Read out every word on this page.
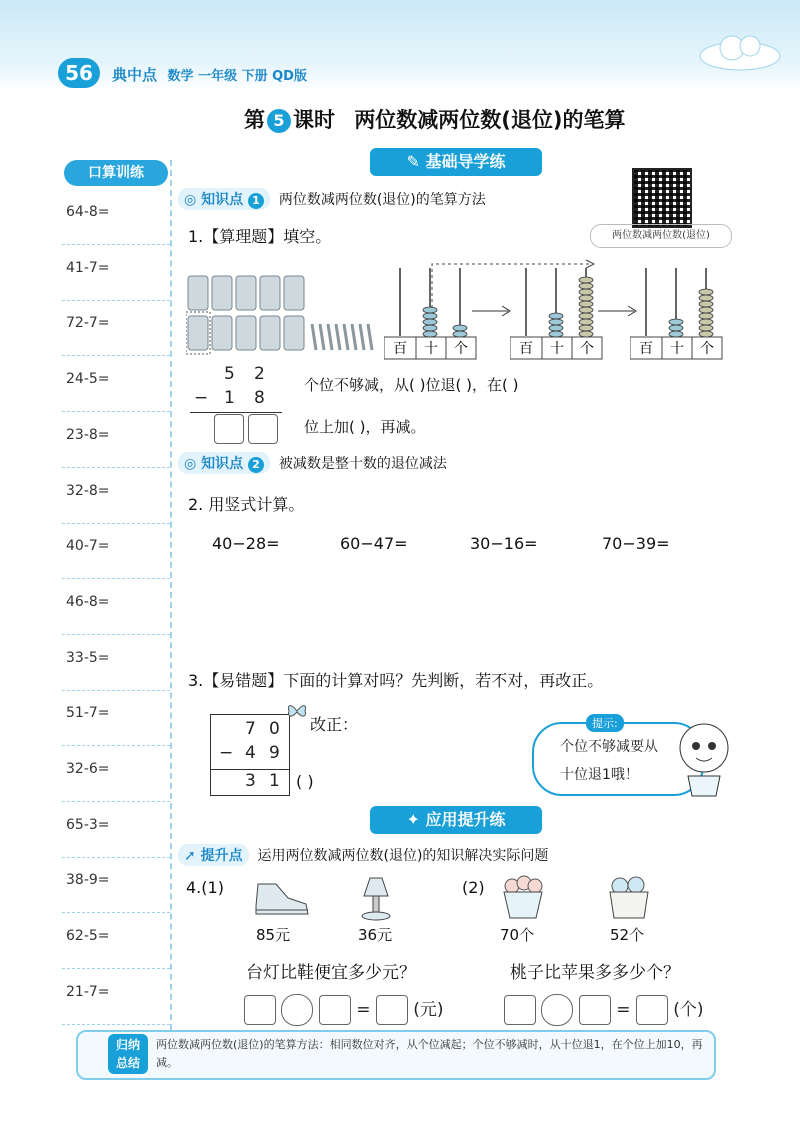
56	典中点 数学 一年级 下册 QD版
第 5 课时 两位数减两位数(退位)的笔算
口算训练
64-8=
41-7=
72-7=
24-5=
23-8=
32-8=
40-7=
46-8=
33-5=
51-7=
32-6=
65-3=
38-9=
62-5=
21-7=
✎ 基础导学练
两位数减两位数(退位)
◎ 知识点 1 两位数减两位数(退位)的笔算方法
1.【算理题】填空。
百 十 个	百 十 个	百 十 个
5 2
− 1 8
个位不够减，从( )位退( )，在( )
位上加( )，再减。
◎ 知识点 2 被减数是整十数的退位减法
2. 用竖式计算。
40−28=	60−47=	30−16=	70−39=
3.【易错题】下面的计算对吗？先判断，若不对，再改正。
7 0
− 4 9
3 1 ( )
改正：	提示:
个位不够减要从
十位退1哦！
✦ 应用提升练
➚ 提升点 运用两位数减两位数(退位)的知识解决实际问题
4.(1)	(2)
85元	36元	70个	52个
台灯比鞋便宜多少元？	桃子比苹果多多少个？
=	(元)	=	(个)
归纳
总结
两位数减两位数(退位)的笔算方法：相同数位对齐，从个位减起；个位不够减时，从十位退1，在个位上加10，再减。
